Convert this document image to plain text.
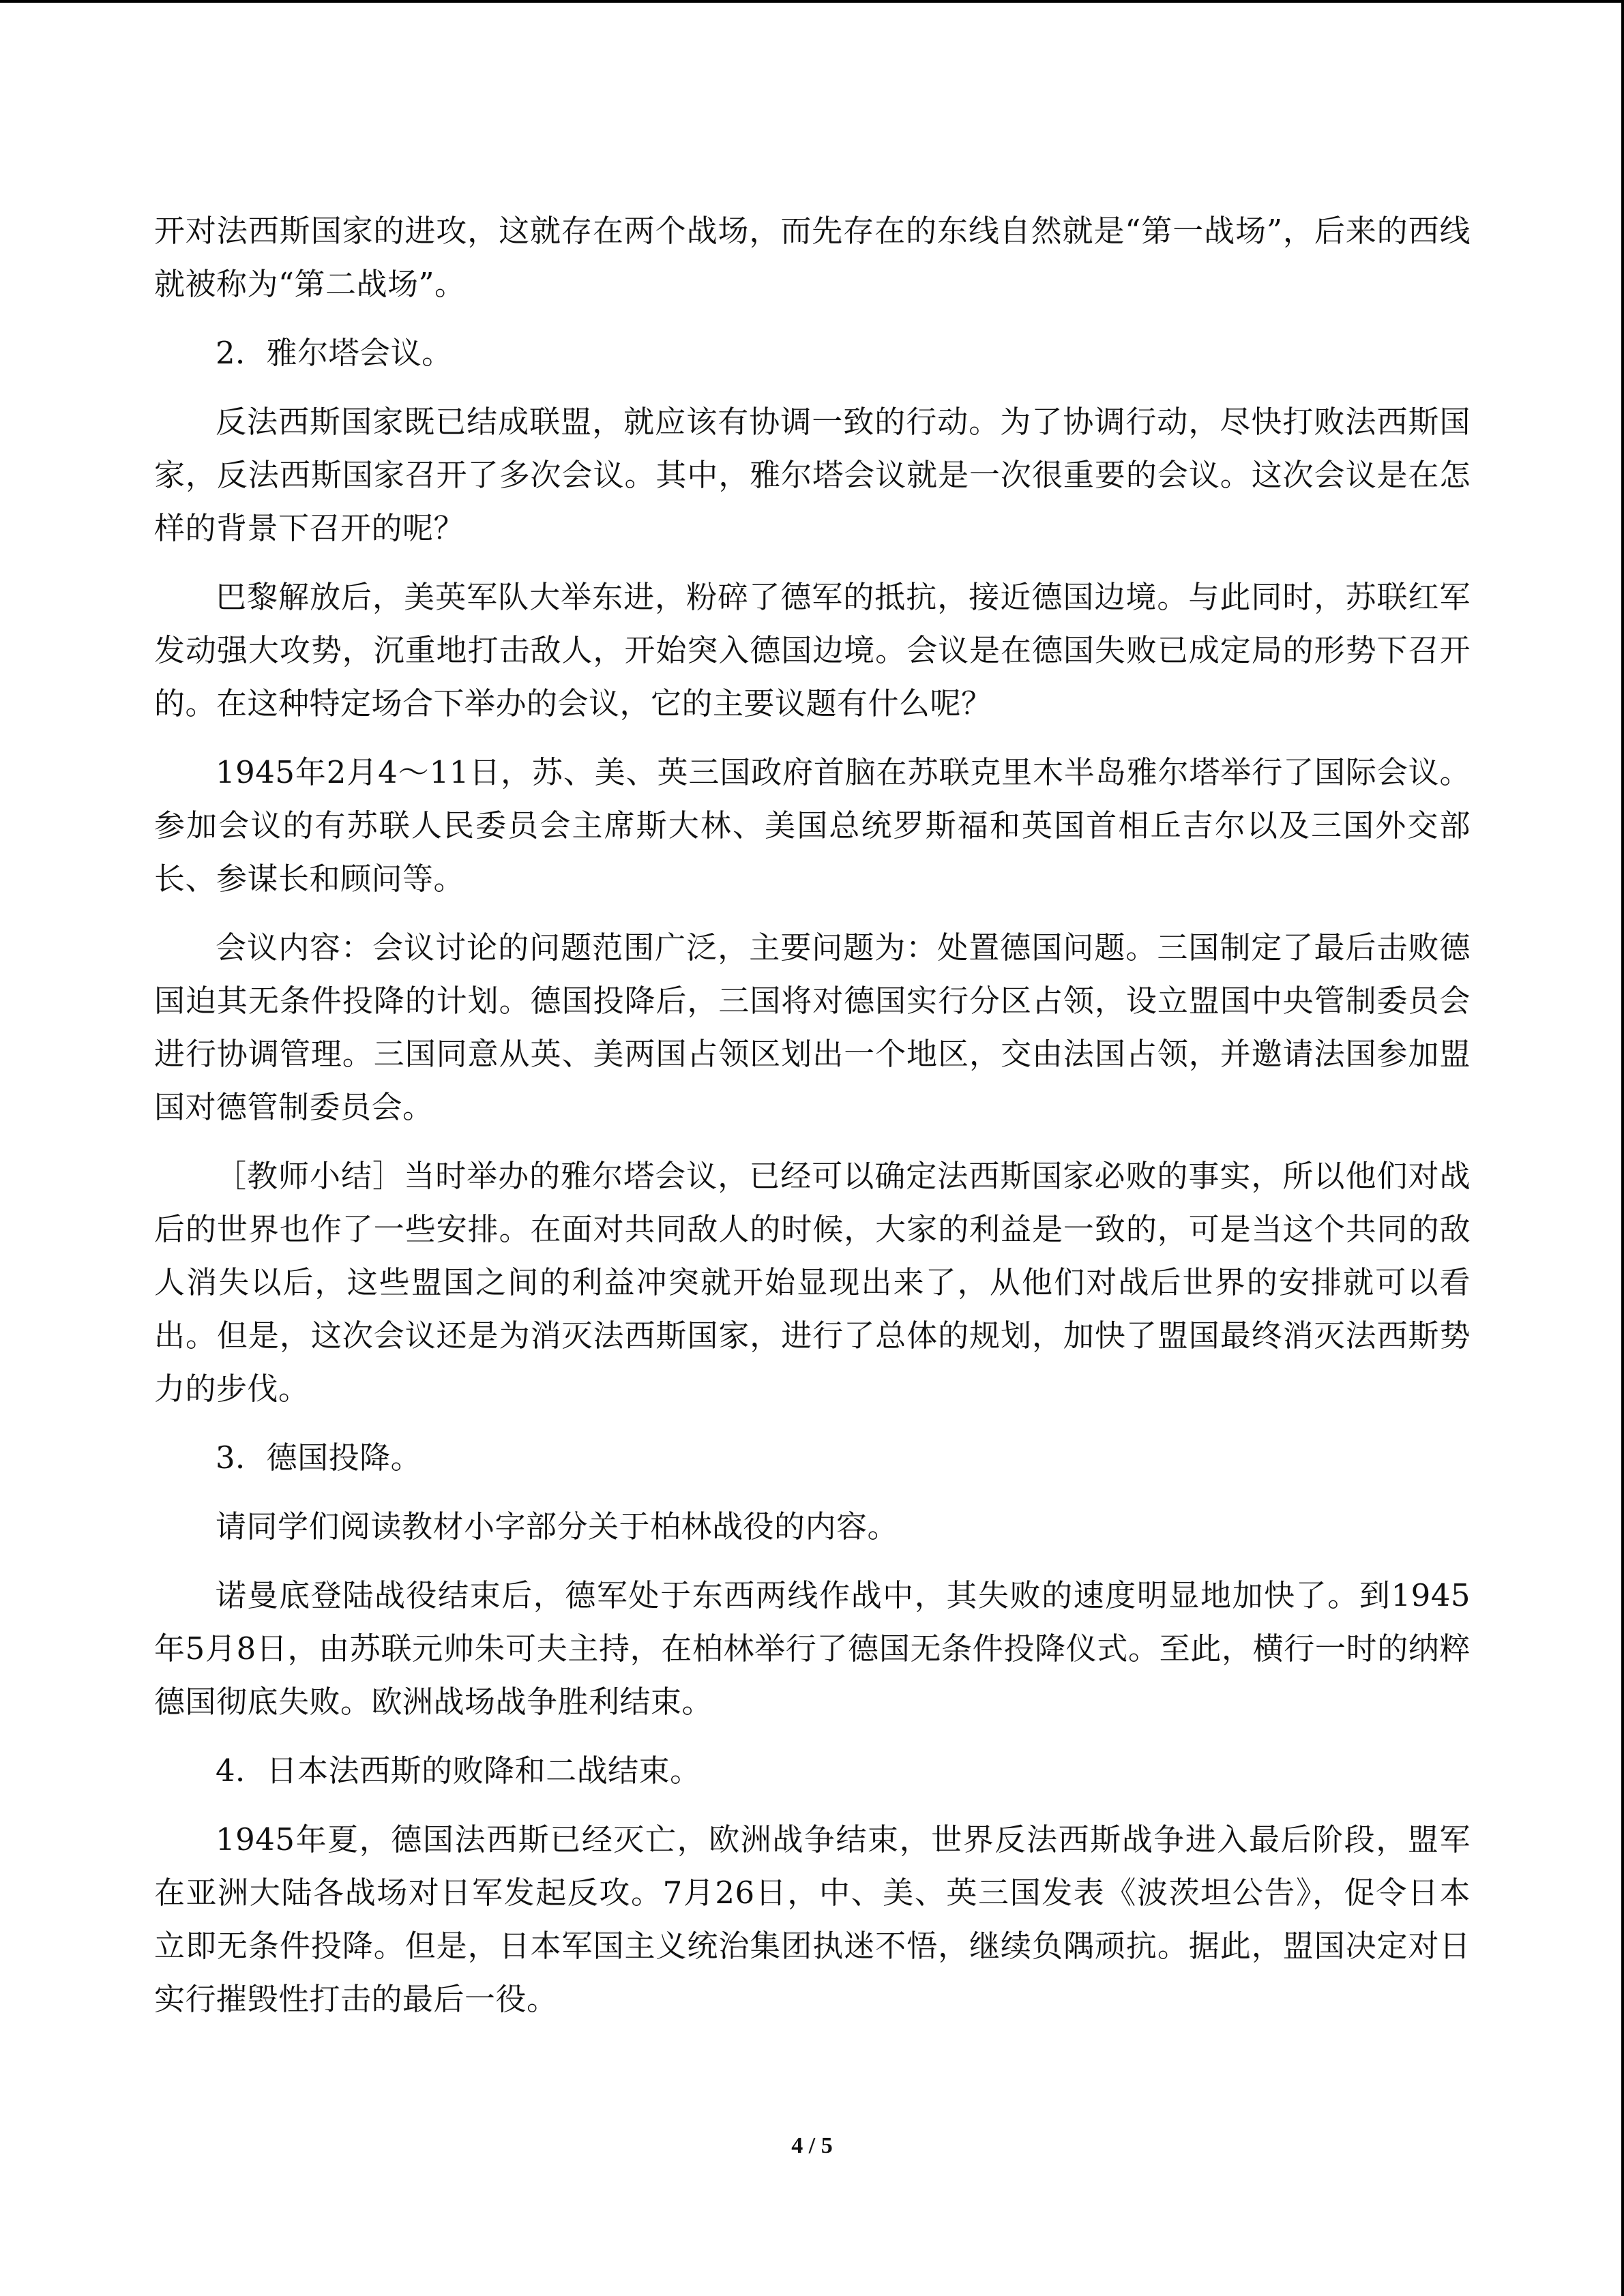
开对法西斯国家的进攻，这就存在两个战场，而先存在的东线自然就是“第一战场”，后来的西线就被称为“第二战场”。

2．雅尔塔会议。

反法西斯国家既已结成联盟，就应该有协调一致的行动。为了协调行动，尽快打败法西斯国家，反法西斯国家召开了多次会议。其中，雅尔塔会议就是一次很重要的会议。这次会议是在怎样的背景下召开的呢？

巴黎解放后，美英军队大举东进，粉碎了德军的抵抗，接近德国边境。与此同时，苏联红军发动强大攻势，沉重地打击敌人，开始突入德国边境。会议是在德国失败已成定局的形势下召开的。在这种特定场合下举办的会议，它的主要议题有什么呢？

1945年2月4～11日，苏、美、英三国政府首脑在苏联克里木半岛雅尔塔举行了国际会议。参加会议的有苏联人民委员会主席斯大林、美国总统罗斯福和英国首相丘吉尔以及三国外交部长、参谋长和顾问等。

会议内容：会议讨论的问题范围广泛，主要问题为：处置德国问题。三国制定了最后击败德国迫其无条件投降的计划。德国投降后，三国将对德国实行分区占领，设立盟国中央管制委员会进行协调管理。三国同意从英、美两国占领区划出一个地区，交由法国占领，并邀请法国参加盟国对德管制委员会。

［教师小结］当时举办的雅尔塔会议，已经可以确定法西斯国家必败的事实，所以他们对战后的世界也作了一些安排。在面对共同敌人的时候，大家的利益是一致的，可是当这个共同的敌人消失以后，这些盟国之间的利益冲突就开始显现出来了，从他们对战后世界的安排就可以看出。但是，这次会议还是为消灭法西斯国家，进行了总体的规划，加快了盟国最终消灭法西斯势力的步伐。

3．德国投降。

请同学们阅读教材小字部分关于柏林战役的内容。

诺曼底登陆战役结束后，德军处于东西两线作战中，其失败的速度明显地加快了。到1945年5月8日，由苏联元帅朱可夫主持，在柏林举行了德国无条件投降仪式。至此，横行一时的纳粹德国彻底失败。欧洲战场战争胜利结束。

4．日本法西斯的败降和二战结束。

1945年夏，德国法西斯已经灭亡，欧洲战争结束，世界反法西斯战争进入最后阶段，盟军在亚洲大陆各战场对日军发起反攻。7月26日，中、美、英三国发表《波茨坦公告》，促令日本立即无条件投降。但是，日本军国主义统治集团执迷不悟，继续负隅顽抗。据此，盟国决定对日实行摧毁性打击的最后一役。

4 / 5
